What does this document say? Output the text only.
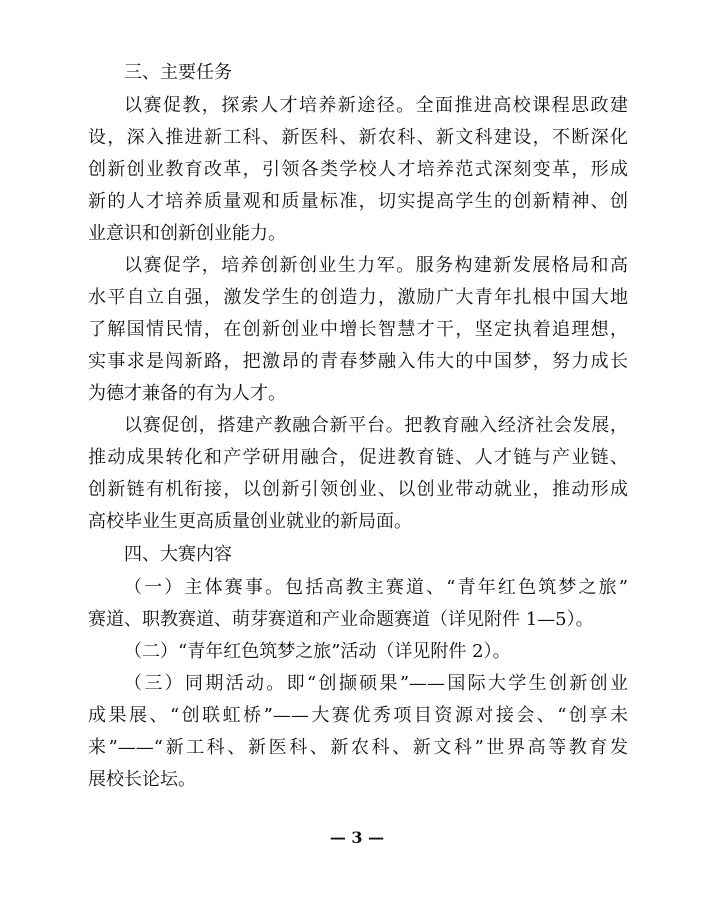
三、主要任务

以赛促教，探索人才培养新途径。全面推进高校课程思政建
设，深入推进新工科、新医科、新农科、新文科建设，不断深化
创新创业教育改革，引领各类学校人才培养范式深刻变革，形成
新的人才培养质量观和质量标准，切实提高学生的创新精神、创
业意识和创新创业能力。

以赛促学，培养创新创业生力军。服务构建新发展格局和高
水平自立自强，激发学生的创造力，激励广大青年扎根中国大地
了解国情民情，在创新创业中增长智慧才干，坚定执着追理想，
实事求是闯新路，把激昂的青春梦融入伟大的中国梦，努力成长
为德才兼备的有为人才。

以赛促创，搭建产教融合新平台。把教育融入经济社会发展，
推动成果转化和产学研用融合，促进教育链、人才链与产业链、
创新链有机衔接，以创新引领创业、以创业带动就业，推动形成
高校毕业生更高质量创业就业的新局面。

四、大赛内容

（一）主体赛事。包括高教主赛道、“青年红色筑梦之旅”
赛道、职教赛道、萌芽赛道和产业命题赛道（详见附件 1—5）。

（二）“青年红色筑梦之旅”活动（详见附件 2）。

（三）同期活动。即“创撷硕果”——国际大学生创新创业
成果展、“创联虹桥”——大赛优秀项目资源对接会、“创享未
来”——“新工科、新医科、新农科、新文科”世界高等教育发
展校长论坛。

— 3 —
